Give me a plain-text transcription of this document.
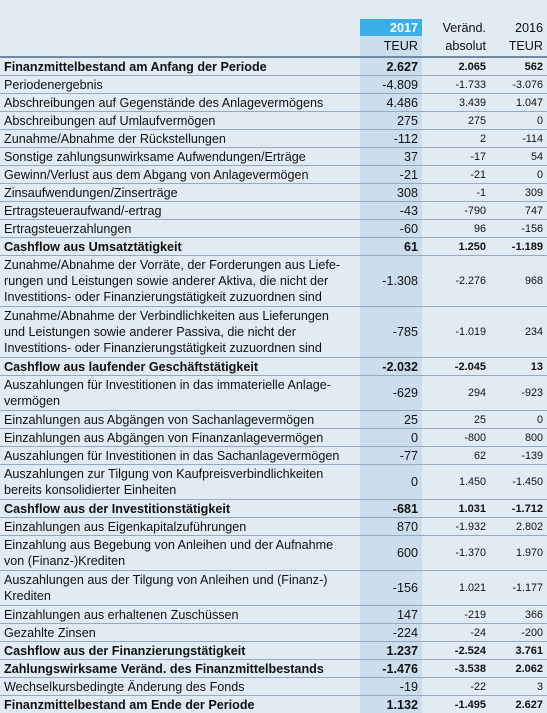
	2017	Veränd.	2016
	TEUR	absolut	TEUR
Finanzmittelbestand am Anfang der Periode	2.627	2.065	562
Periodenergebnis	-4.809	-1.733	-3.076
Abschreibungen auf Gegenstände des Anlagevermögens	4.486	3.439	1.047
Abschreibungen auf Umlaufvermögen	275	275	0
Zunahme/Abnahme der Rückstellungen	-112	2	-114
Sonstige zahlungsunwirksame Aufwendungen/Erträge	37	-17	54
Gewinn/Verlust aus dem Abgang von Anlagevermögen	-21	-21	0
Zinsaufwendungen/Zinserträge	308	-1	309
Ertragsteueraufwand/-ertrag	-43	-790	747
Ertragsteuerzahlungen	-60	96	-156
Cashflow aus Umsatztätigkeit	61	1.250	-1.189
Zunahme/Abnahme der Vorräte, der Forderungen aus Liefe-
rungen und Leistungen sowie anderer Aktiva, die nicht der
Investitions- oder Finanzierungstätigkeit zuzuordnen sind	-1.308	-2.276	968
Zunahme/Abnahme der Verbindlichkeiten aus Lieferungen
und Leistungen sowie anderer Passiva, die nicht der
Investitions- oder Finanzierungstätigkeit zuzuordnen sind	-785	-1.019	234
Cashflow aus laufender Geschäftstätigkeit	-2.032	-2.045	13
Auszahlungen für Investitionen in das immaterielle Anlage-
vermögen	-629	294	-923
Einzahlungen aus Abgängen von Sachanlagevermögen	25	25	0
Einzahlungen aus Abgängen von Finanzanlagevermögen	0	-800	800
Auszahlungen für Investitionen in das Sachanlagevermögen	-77	62	-139
Auszahlungen zur Tilgung von Kaufpreisverbindlichkeiten
bereits konsolidierter Einheiten	0	1.450	-1.450
Cashflow aus der Investitionstätigkeit	-681	1.031	-1.712
Einzahlungen aus Eigenkapitalzuführungen	870	-1.932	2.802
Einzahlung aus Begebung von Anleihen und der Aufnahme
von (Finanz-)Krediten	600	-1.370	1.970
Auszahlungen aus der Tilgung von Anleihen und (Finanz-)
Krediten	-156	1.021	-1.177
Einzahlungen aus erhaltenen Zuschüssen	147	-219	366
Gezahlte Zinsen	-224	-24	-200
Cashflow aus der Finanzierungstätigkeit	1.237	-2.524	3.761
Zahlungswirksame Veränd. des Finanzmittelbestands	-1.476	-3.538	2.062
Wechselkursbedingte Änderung des Fonds	-19	-22	3
Finanzmittelbestand am Ende der Periode	1.132	-1.495	2.627
